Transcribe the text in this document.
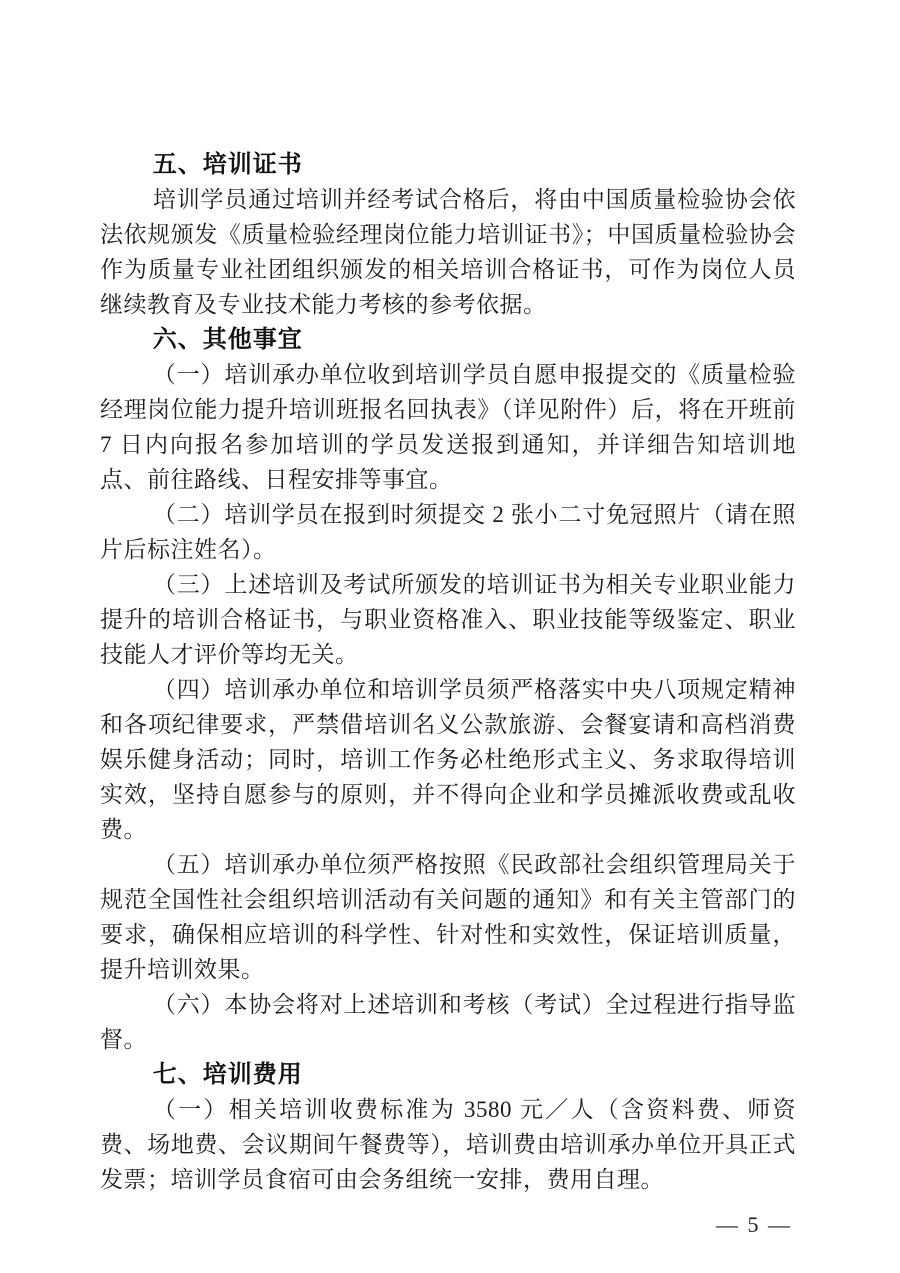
五、培训证书

培训学员通过培训并经考试合格后，将由中国质量检验协会依法依规颁发《质量检验经理岗位能力培训证书》；中国质量检验协会作为质量专业社团组织颁发的相关培训合格证书，可作为岗位人员继续教育及专业技术能力考核的参考依据。

六、其他事宜

（一）培训承办单位收到培训学员自愿申报提交的《质量检验经理岗位能力提升培训班报名回执表》（详见附件）后，将在开班前 7 日内向报名参加培训的学员发送报到通知，并详细告知培训地点、前往路线、日程安排等事宜。

（二）培训学员在报到时须提交 2 张小二寸免冠照片（请在照片后标注姓名）。

（三）上述培训及考试所颁发的培训证书为相关专业职业能力提升的培训合格证书，与职业资格准入、职业技能等级鉴定、职业技能人才评价等均无关。

（四）培训承办单位和培训学员须严格落实中央八项规定精神和各项纪律要求，严禁借培训名义公款旅游、会餐宴请和高档消费娱乐健身活动；同时，培训工作务必杜绝形式主义、务求取得培训实效，坚持自愿参与的原则，并不得向企业和学员摊派收费或乱收费。

（五）培训承办单位须严格按照《民政部社会组织管理局关于规范全国性社会组织培训活动有关问题的通知》和有关主管部门的要求，确保相应培训的科学性、针对性和实效性，保证培训质量，提升培训效果。

（六）本协会将对上述培训和考核（考试）全过程进行指导监督。

七、培训费用

（一）相关培训收费标准为 3580 元／人（含资料费、师资费、场地费、会议期间午餐费等），培训费由培训承办单位开具正式发票；培训学员食宿可由会务组统一安排，费用自理。

— 5 —
